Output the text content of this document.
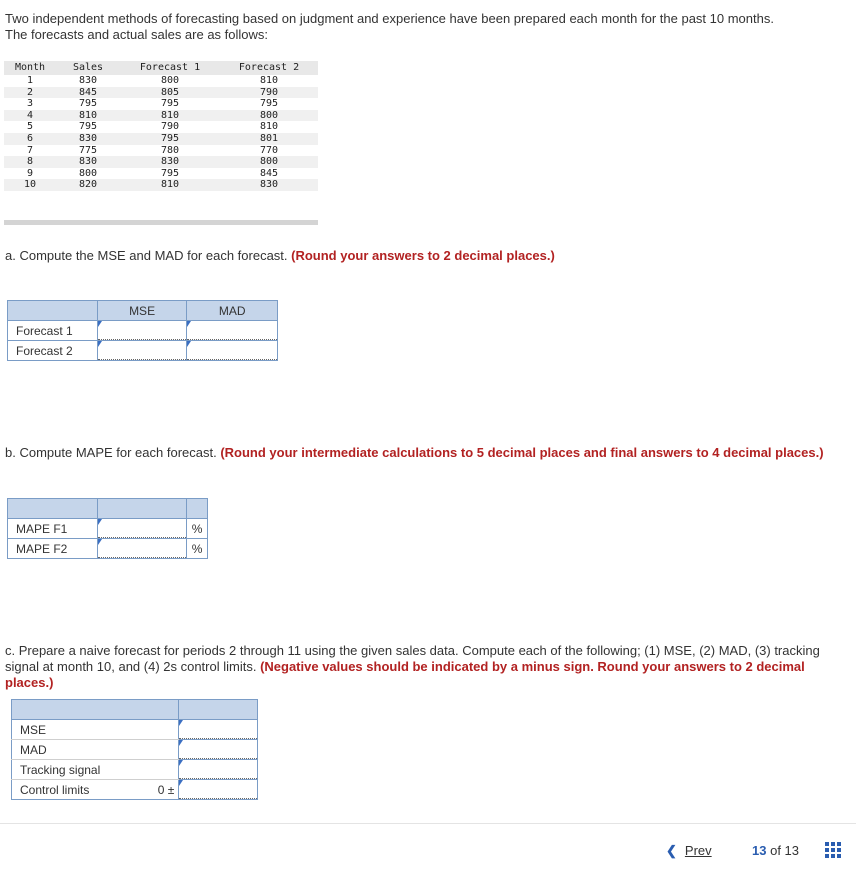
Two independent methods of forecasting based on judgment and experience have been prepared each month for the past 10 months.
The forecasts and actual sales are as follows:
Month	Sales	Forecast 1	Forecast 2
1	830	800	810
2	845	805	790
3	795	795	795
4	810	810	800
5	795	790	810
6	830	795	801
7	775	780	770
8	830	830	800
9	800	795	845
10	820	810	830
a. Compute the MSE and MAD for each forecast. (Round your answers to 2 decimal places.)
	MSE	MAD
Forecast 1	

Forecast 2	

b. Compute MAPE for each forecast. (Round your intermediate calculations to 5 decimal places and final answers to 4 decimal places.)

MAPE F1		%
MAPE F2		%
c. Prepare a naive forecast for periods 2 through 11 using the given sales data. Compute each of the following; (1) MSE, (2) MAD, (3) tracking signal at month 10, and (4) 2s control limits. (Negative values should be indicated by a minus sign. Round your answers to 2 decimal places.)

MSE	

MAD	

Tracking signal	

Control limits 0 ±

❮ Prev	13 of 13
